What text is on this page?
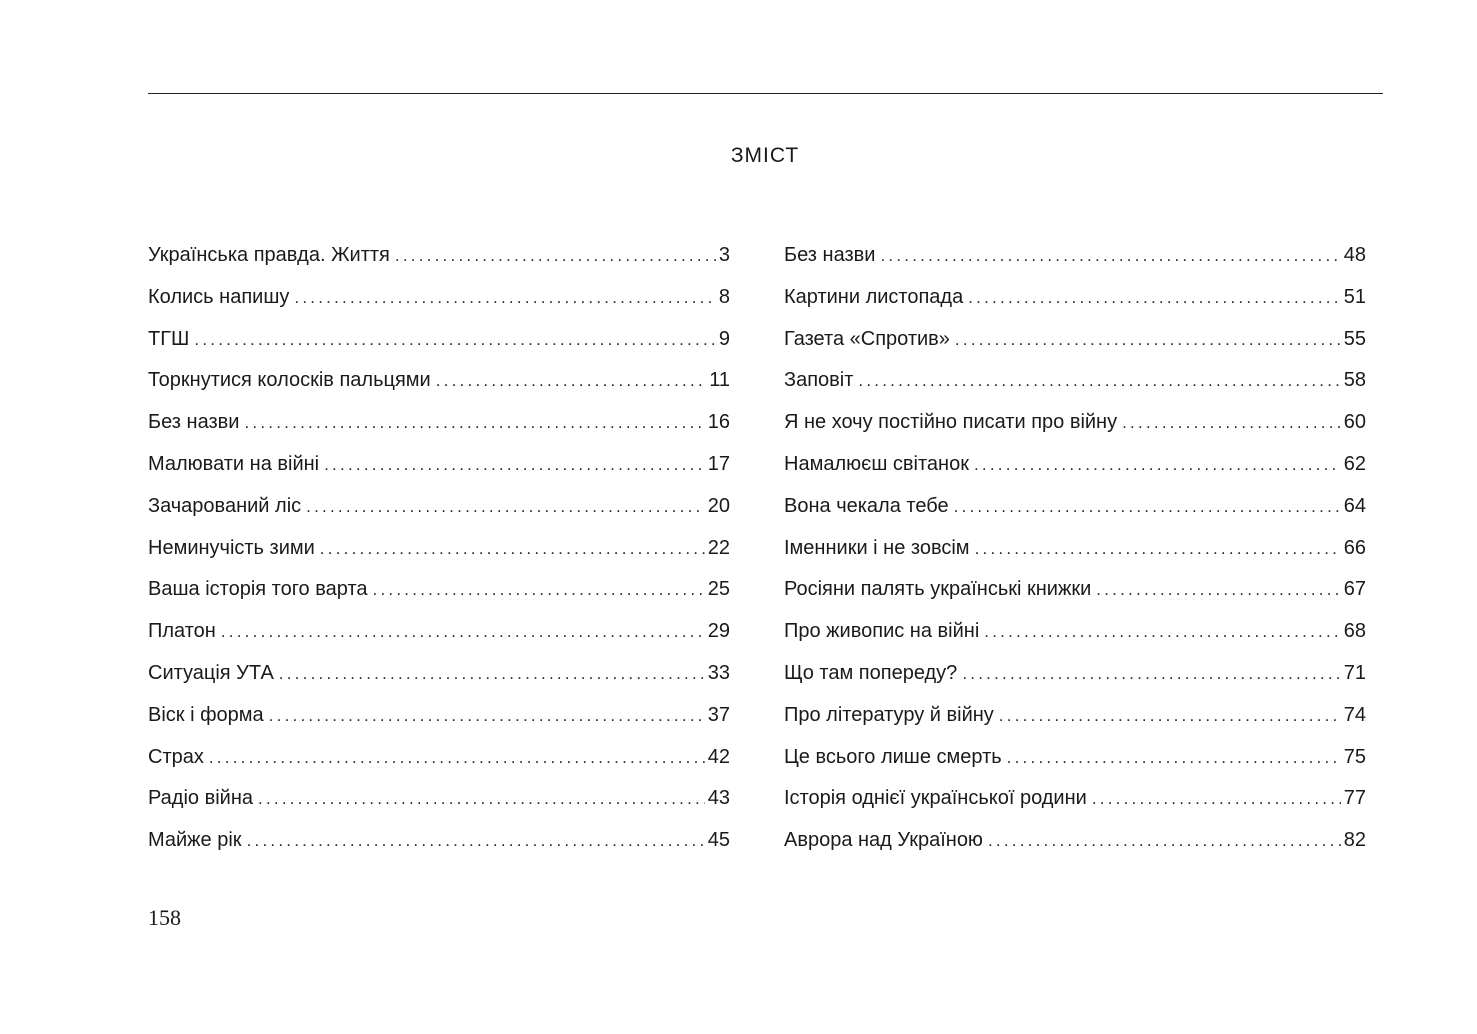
ЗМІСТ
Українська правда. Життя . . .	3
Колись напишу . . .	8
ТГШ . . .	9
Торкнутися колосків пальцями . . .	11
Без назви . . .	16
Малювати на війні . . .	17
Зачарований ліс . . .	20
Неминучість зими . . .	22
Ваша історія того варта . . .	25
Платон . . .	29
Ситуація УТА . . .	33
Віск і форма . . .	37
Страх . . .	42
Радіо війна . . .	43
Майже рік . . .	45
Без назви . . .	48
Картини листопада . . .	51
Газета «Спротив» . . .	55
Заповіт . . .	58
Я не хочу постійно писати про війну . . .	60
Намалюєш світанок . . .	62
Вона чекала тебе . . .	64
Іменники і не зовсім . . .	66
Росіяни палять українські книжки . . .	67
Про живопис на війні . . .	68
Що там попереду? . . .	71
Про літературу й війну . . .	74
Це всього лише смерть . . .	75
Історія однієї української родини . . .	77
Аврора над Україною . . .	82
158
